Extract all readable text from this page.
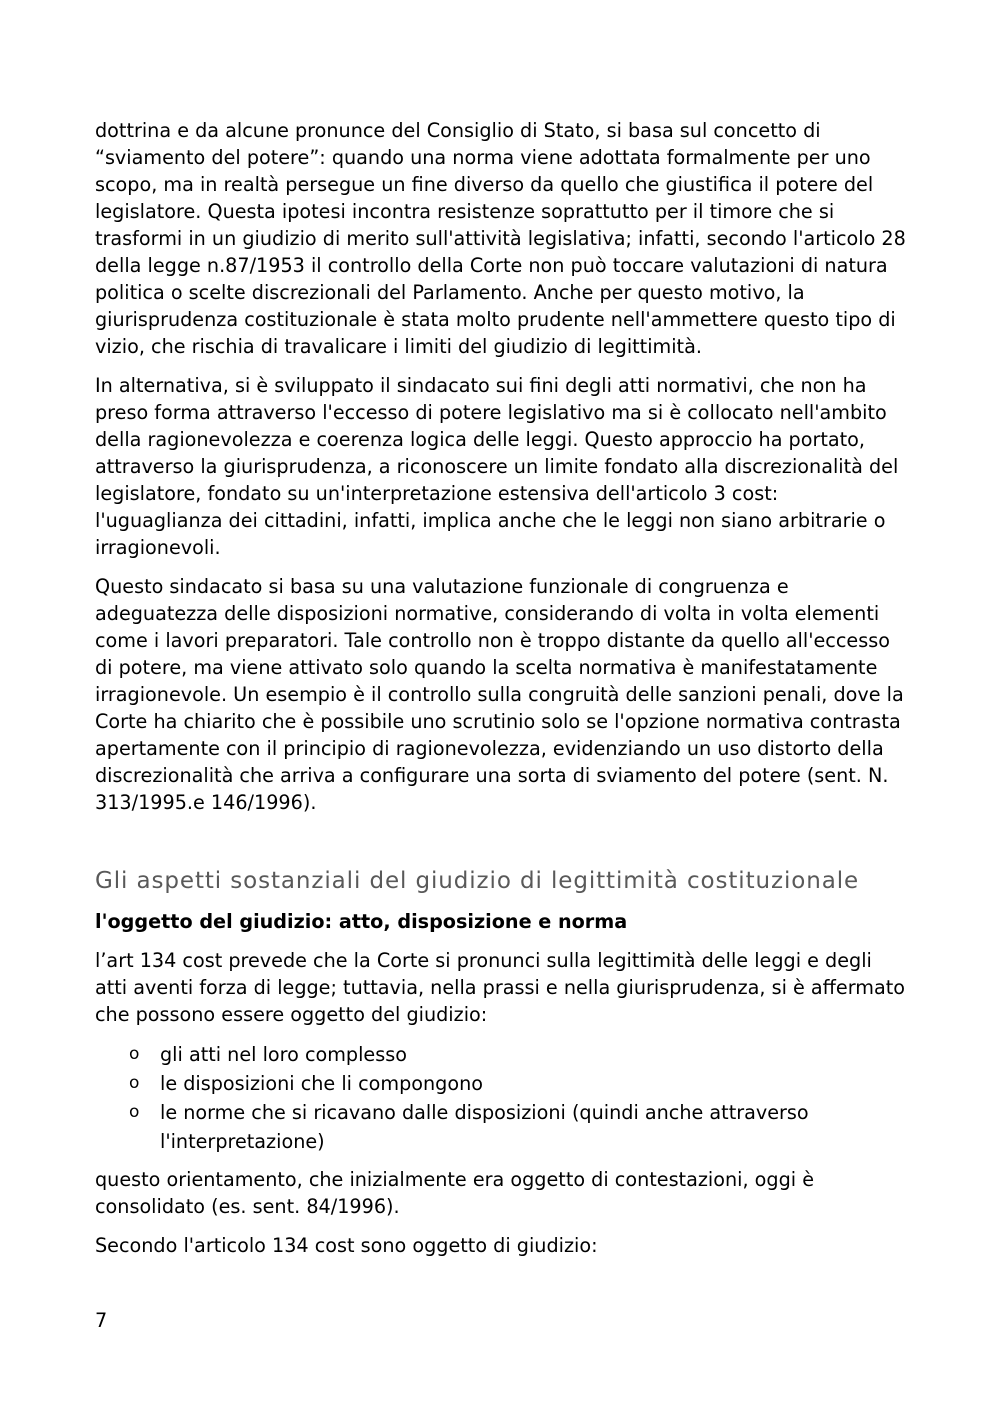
dottrina e da alcune pronunce del Consiglio di Stato, si basa sul concetto di “sviamento del potere”: quando una norma viene adottata formalmente per uno scopo, ma in realtà persegue un fine diverso da quello che giustifica il potere del legislatore. Questa ipotesi incontra resistenze soprattutto per il timore che si trasformi in un giudizio di merito sull'attività legislativa; infatti, secondo l'articolo 28 della legge n.87/1953 il controllo della Corte non può toccare valutazioni di natura politica o scelte discrezionali del Parlamento. Anche per questo motivo, la giurisprudenza costituzionale è stata molto prudente nell'ammettere questo tipo di vizio, che rischia di travalicare i limiti del giudizio di legittimità.

In alternativa, si è sviluppato il sindacato sui fini degli atti normativi, che non ha preso forma attraverso l'eccesso di potere legislativo ma si è collocato nell'ambito della ragionevolezza e coerenza logica delle leggi. Questo approccio ha portato, attraverso la giurisprudenza, a riconoscere un limite fondato alla discrezionalità del legislatore, fondato su un'interpretazione estensiva dell'articolo 3 cost: l'uguaglianza dei cittadini, infatti, implica anche che le leggi non siano arbitrarie o irragionevoli.

Questo sindacato si basa su una valutazione funzionale di congruenza e adeguatezza delle disposizioni normative, considerando di volta in volta elementi come i lavori preparatori. Tale controllo non è troppo distante da quello all'eccesso di potere, ma viene attivato solo quando la scelta normativa è manifestatamente irragionevole. Un esempio è il controllo sulla congruità delle sanzioni penali, dove la Corte ha chiarito che è possibile uno scrutinio solo se l'opzione normativa contrasta apertamente con il principio di ragionevolezza, evidenziando un uso distorto della discrezionalità che arriva a configurare una sorta di sviamento del potere (sent. N. 313/1995.e 146/1996).

Gli aspetti sostanziali del giudizio di legittimità costituzionale
l'oggetto del giudizio: atto, disposizione e norma

l’art 134 cost prevede che la Corte si pronunci sulla legittimità delle leggi e degli atti aventi forza di legge; tuttavia, nella prassi e nella giurisprudenza, si è affermato che possono essere oggetto del giudizio:

o gli atti nel loro complesso
o le disposizioni che li compongono
o le norme che si ricavano dalle disposizioni (quindi anche attraverso l'interpretazione)

questo orientamento, che inizialmente era oggetto di contestazioni, oggi è consolidato (es. sent. 84/1996).

Secondo l'articolo 134 cost sono oggetto di giudizio:

7
